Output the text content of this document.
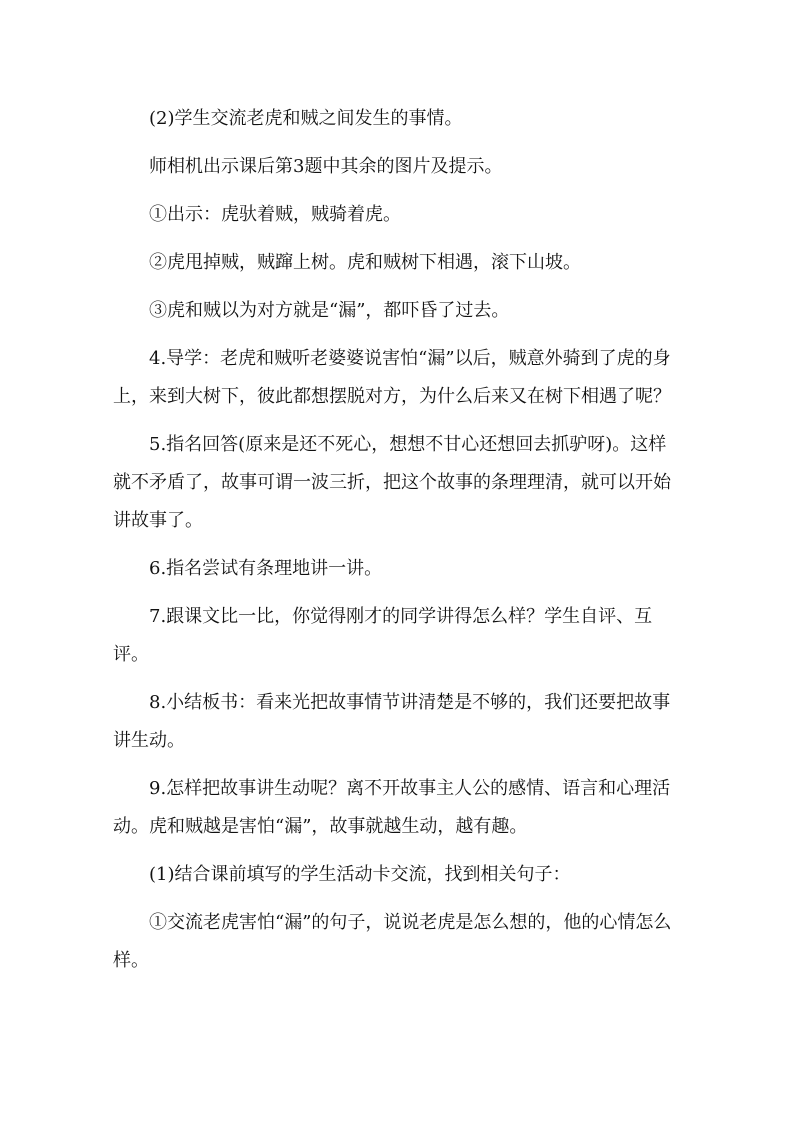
(2)学生交流老虎和贼之间发生的事情。

师相机出示课后第3题中其余的图片及提示。

①出示：虎驮着贼，贼骑着虎。

②虎甩掉贼，贼蹿上树。虎和贼树下相遇，滚下山坡。

③虎和贼以为对方就是“漏”，都吓昏了过去。

4.导学：老虎和贼听老婆婆说害怕“漏”以后，贼意外骑到了虎的身上，来到大树下，彼此都想摆脱对方，为什么后来又在树下相遇了呢？

5.指名回答(原来是还不死心，想想不甘心还想回去抓驴呀)。这样就不矛盾了，故事可谓一波三折，把这个故事的条理理清，就可以开始讲故事了。

6.指名尝试有条理地讲一讲。

7.跟课文比一比，你觉得刚才的同学讲得怎么样？学生自评、互评。

8.小结板书：看来光把故事情节讲清楚是不够的，我们还要把故事讲生动。

9.怎样把故事讲生动呢？离不开故事主人公的感情、语言和心理活动。虎和贼越是害怕“漏”，故事就越生动，越有趣。

(1)结合课前填写的学生活动卡交流，找到相关句子：

①交流老虎害怕“漏”的句子，说说老虎是怎么想的，他的心情怎么样。
